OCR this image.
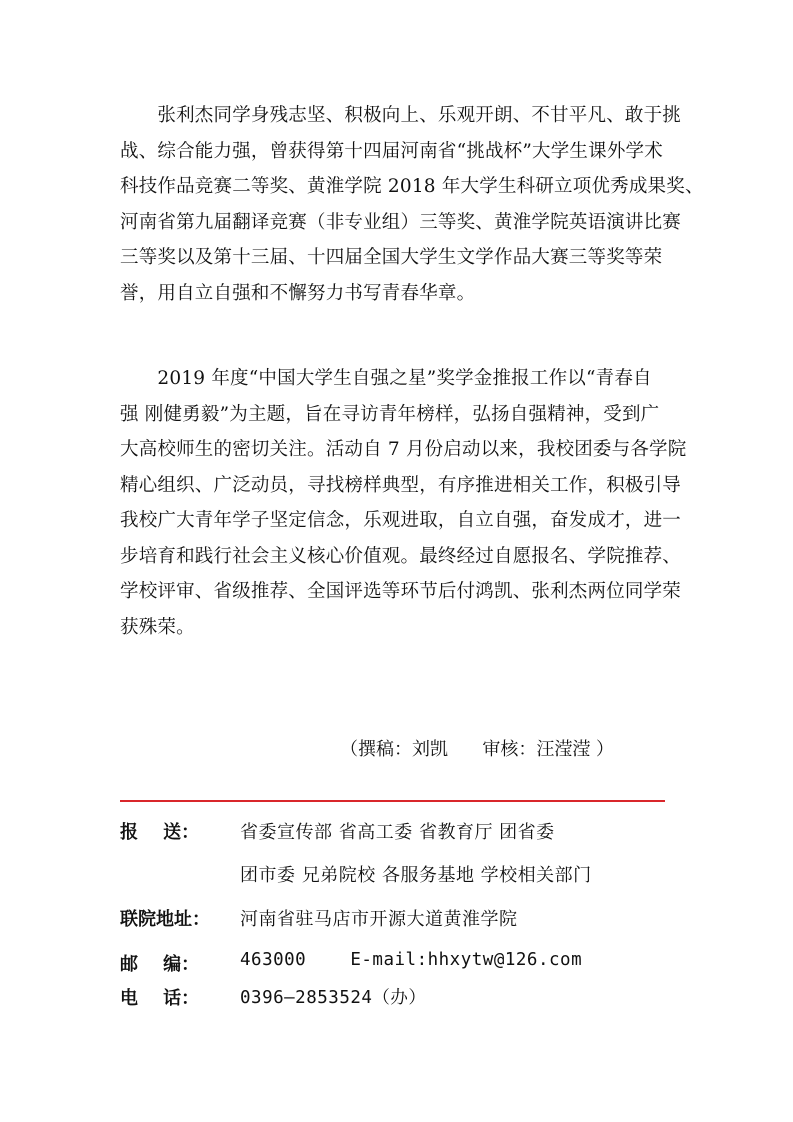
　　张利杰同学身残志坚、积极向上、乐观开朗、不甘平凡、敢于挑
战、综合能力强，曾获得第十四届河南省“挑战杯”大学生课外学术
科技作品竞赛二等奖、黄淮学院 2018 年大学生科研立项优秀成果奖、
河南省第九届翻译竞赛（非专业组）三等奖、黄淮学院英语演讲比赛
三等奖以及第十三届、十四届全国大学生文学作品大赛三等奖等荣
誉，用自立自强和不懈努力书写青春华章。
　　2019 年度“中国大学生自强之星”奖学金推报工作以“青春自
强 刚健勇毅”为主题，旨在寻访青年榜样，弘扬自强精神，受到广
大高校师生的密切关注。活动自 7 月份启动以来，我校团委与各学院
精心组织、广泛动员，寻找榜样典型，有序推进相关工作，积极引导
我校广大青年学子坚定信念，乐观进取，自立自强，奋发成才，进一
步培育和践行社会主义核心价值观。最终经过自愿报名、学院推荐、
学校评审、省级推荐、全国评选等环节后付鸿凯、张利杰两位同学荣
获殊荣。
（撰稿：刘凯      审核：汪滢滢 ）
报    送：	省委宣传部 省高工委 省教育厅 团省委
团市委 兄弟院校 各服务基地 学校相关部门
联院地址：	河南省驻马店市开源大道黄淮学院
邮    编：	463000    E-mail:hhxytw@126.com
电    话：	0396—2853524（办）
